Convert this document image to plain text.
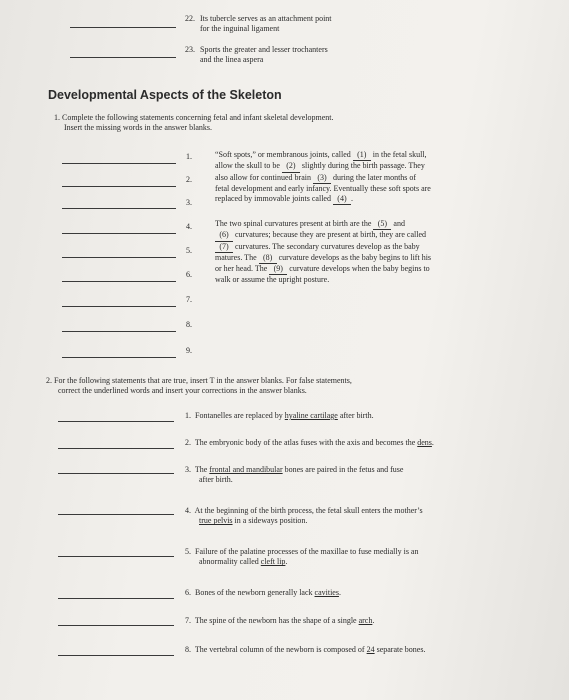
22. Its tubercle serves as an attachment point
for the inguinal ligament
23. Sports the greater and lesser trochanters
and the linea aspera
Developmental Aspects of the Skeleton
1. Complete the following statements concerning fetal and infant skeletal development.
Insert the missing words in the answer blanks.
1.
2.
3.
4.
5.
6.
7.
8.
9.
“Soft spots,” or membranous joints, called (1) in the fetal skull,
allow the skull to be (2) slightly during the birth passage. They
also allow for continued brain (3) during the later months of
fetal development and early infancy. Eventually these soft spots are
replaced by immovable joints called (4) .
The two spinal curvatures present at birth are the (5) and
(6) curvatures; because they are present at birth, they are called
(7) curvatures. The secondary curvatures develop as the baby
matures. The (8) curvature develops as the baby begins to lift his
or her head. The (9) curvature develops when the baby begins to
walk or assume the upright posture.
2. For the following statements that are true, insert T in the answer blanks. For false statements,
correct the underlined words and insert your corrections in the answer blanks.
1. Fontanelles are replaced by hyaline cartilage after birth.
2. The embryonic body of the atlas fuses with the axis and becomes the dens.
3. The frontal and mandibular bones are paired in the fetus and fuse
after birth.
4. At the beginning of the birth process, the fetal skull enters the mother’s
true pelvis in a sideways position.
5. Failure of the palatine processes of the maxillae to fuse medially is an
abnormality called cleft lip.
6. Bones of the newborn generally lack cavities.
7. The spine of the newborn has the shape of a single arch.
8. The vertebral column of the newborn is composed of 24 separate bones.
